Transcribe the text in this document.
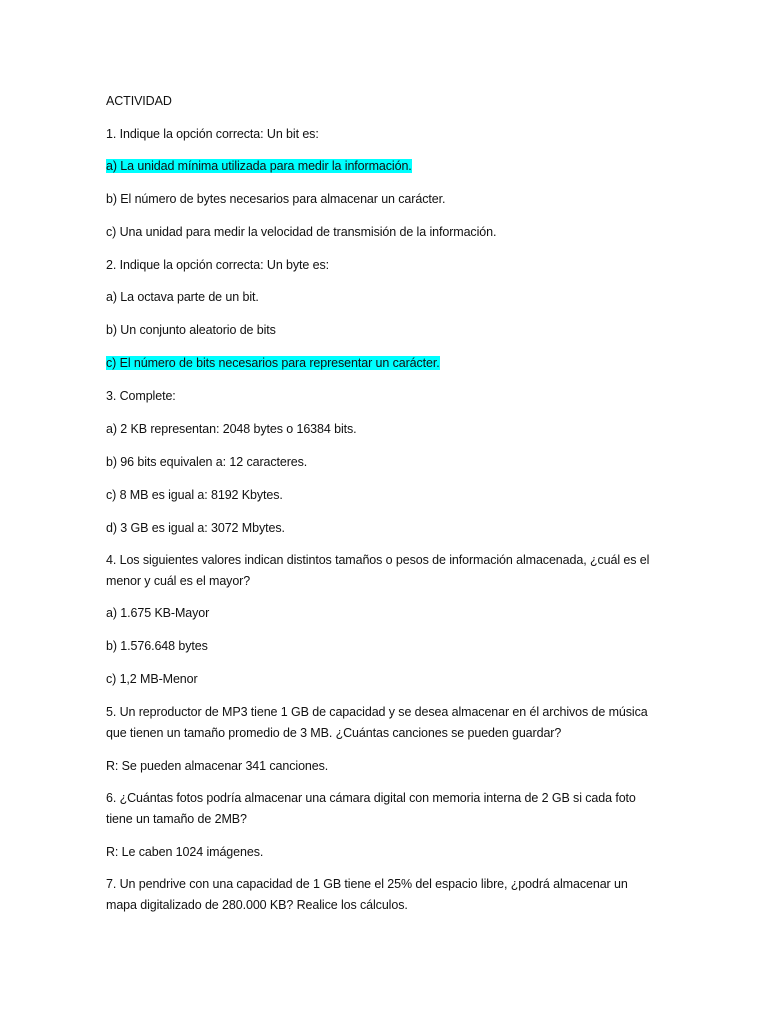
ACTIVIDAD
1. Indique la opción correcta: Un bit es:
a) La unidad mínima utilizada para medir la información.
b) El número de bytes necesarios para almacenar un carácter.
c) Una unidad para medir la velocidad de transmisión de la información.
2. Indique la opción correcta: Un byte es:
a) La octava parte de un bit.
b) Un conjunto aleatorio de bits
c) El número de bits necesarios para representar un carácter.
3. Complete:
a) 2 KB representan: 2048 bytes o 16384 bits.
b) 96 bits equivalen a: 12 caracteres.
c) 8 MB es igual a: 8192 Kbytes.
d) 3 GB es igual a: 3072 Mbytes.
4. Los siguientes valores indican distintos tamaños o pesos de información almacenada, ¿cuál es el
menor y cuál es el mayor?
a) 1.675 KB-Mayor
b) 1.576.648 bytes
c) 1,2 MB-Menor
5. Un reproductor de MP3 tiene 1 GB de capacidad y se desea almacenar en él archivos de música
que tienen un tamaño promedio de 3 MB. ¿Cuántas canciones se pueden guardar?
R: Se pueden almacenar 341 canciones.
6. ¿Cuántas fotos podría almacenar una cámara digital con memoria interna de 2 GB si cada foto
tiene un tamaño de 2MB?
R: Le caben 1024 imágenes.
7. Un pendrive con una capacidad de 1 GB tiene el 25% del espacio libre, ¿podrá almacenar un
mapa digitalizado de 280.000 KB? Realice los cálculos.
